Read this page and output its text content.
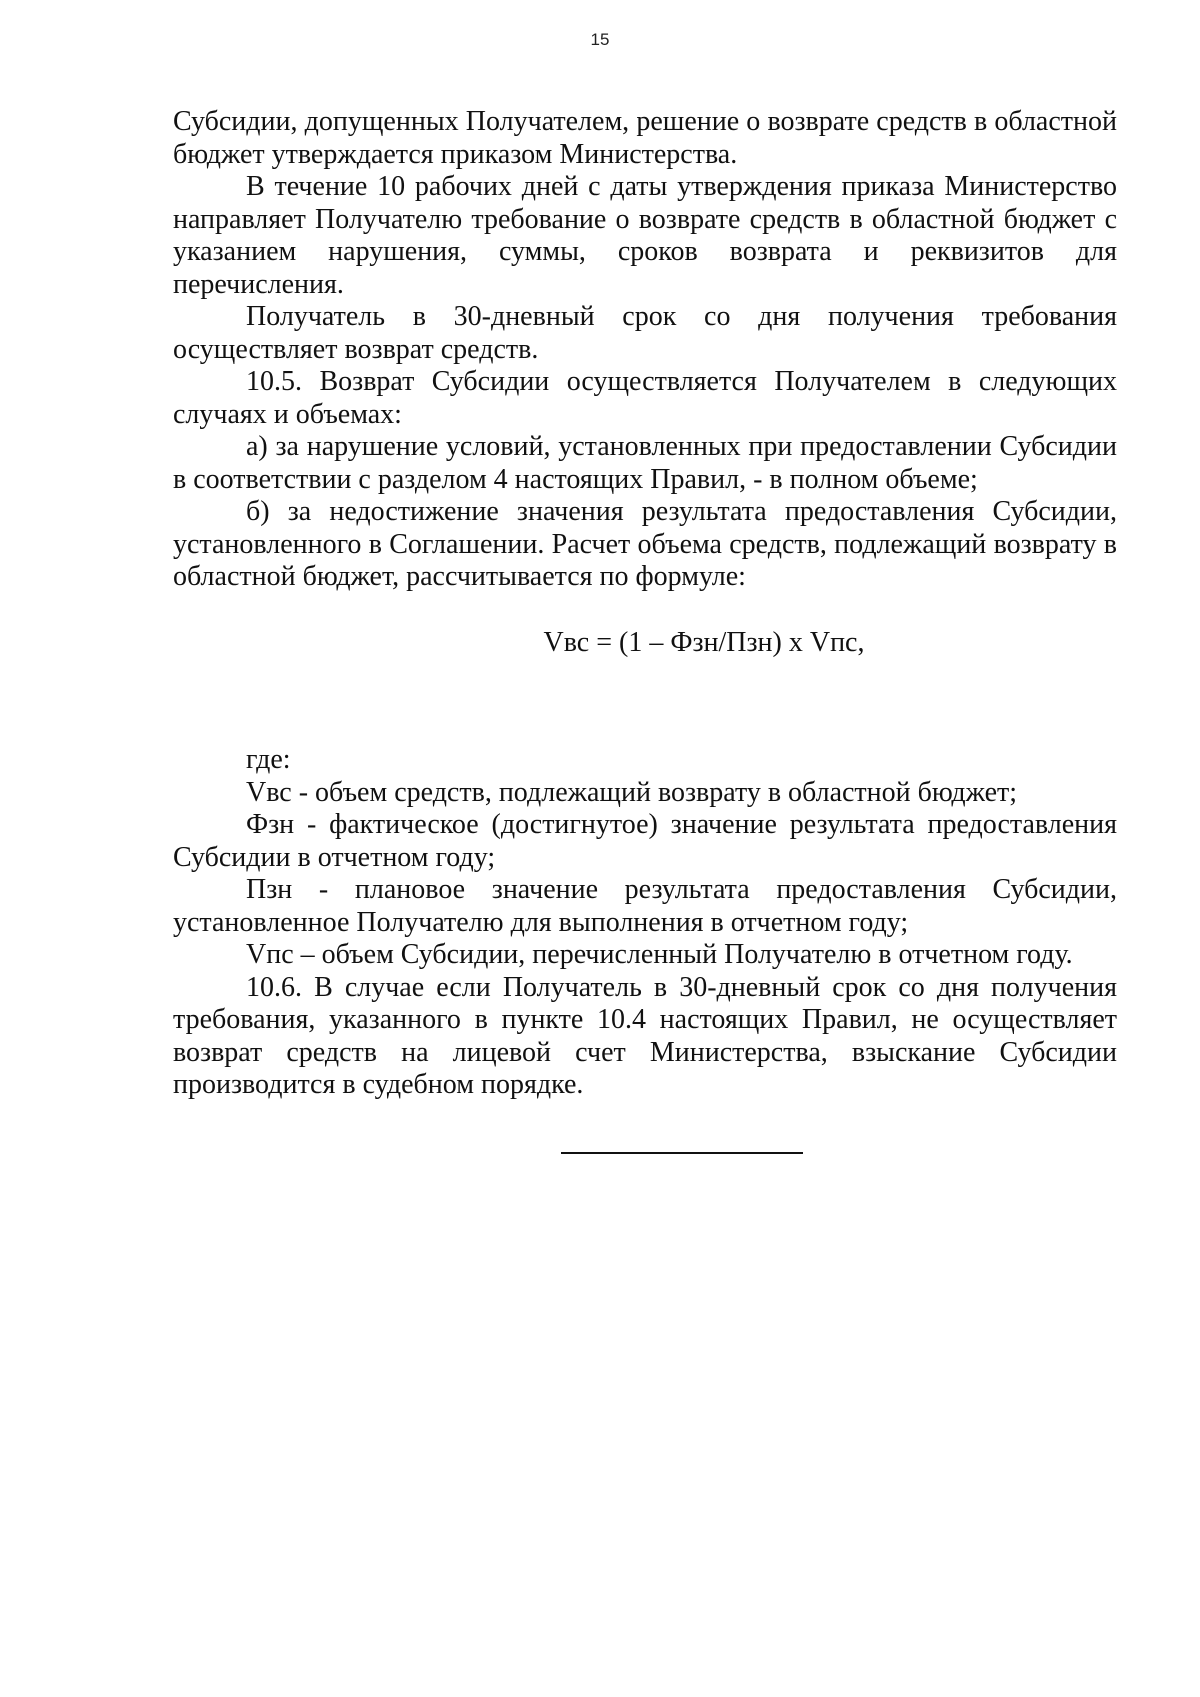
15

Субсидии, допущенных Получателем, решение о возврате средств в областной бюджет утверждается приказом Министерства.

В течение 10 рабочих дней с даты утверждения приказа Министерство направляет Получателю требование о возврате средств в областной бюджет с указанием нарушения, суммы, сроков возврата и реквизитов для перечисления.

Получатель в 30-дневный срок со дня получения требования осуществляет возврат средств.

10.5. Возврат Субсидии осуществляется Получателем в следующих случаях и объемах:

а) за нарушение условий, установленных при предоставлении Субсидии в соответствии с разделом 4 настоящих Правил, - в полном объеме;

б) за недостижение значения результата предоставления Субсидии, установленного в Соглашении. Расчет объема средств, подлежащий возврату в областной бюджет, рассчитывается по формуле:

Vвс = (1 – Фзн/Пзн) х Vпс,

где:

Vвс - объем средств, подлежащий возврату в областной бюджет;

Фзн - фактическое (достигнутое) значение результата предоставления Субсидии в отчетном году;

Пзн - плановое значение результата предоставления Субсидии, установленное Получателю для выполнения в отчетном году;

Vпс – объем Субсидии, перечисленный Получателю в отчетном году.

10.6. В случае если Получатель в 30-дневный срок со дня получения требования, указанного в пункте 10.4 настоящих Правил, не осуществляет возврат средств на лицевой счет Министерства, взыскание Субсидии производится в судебном порядке.
